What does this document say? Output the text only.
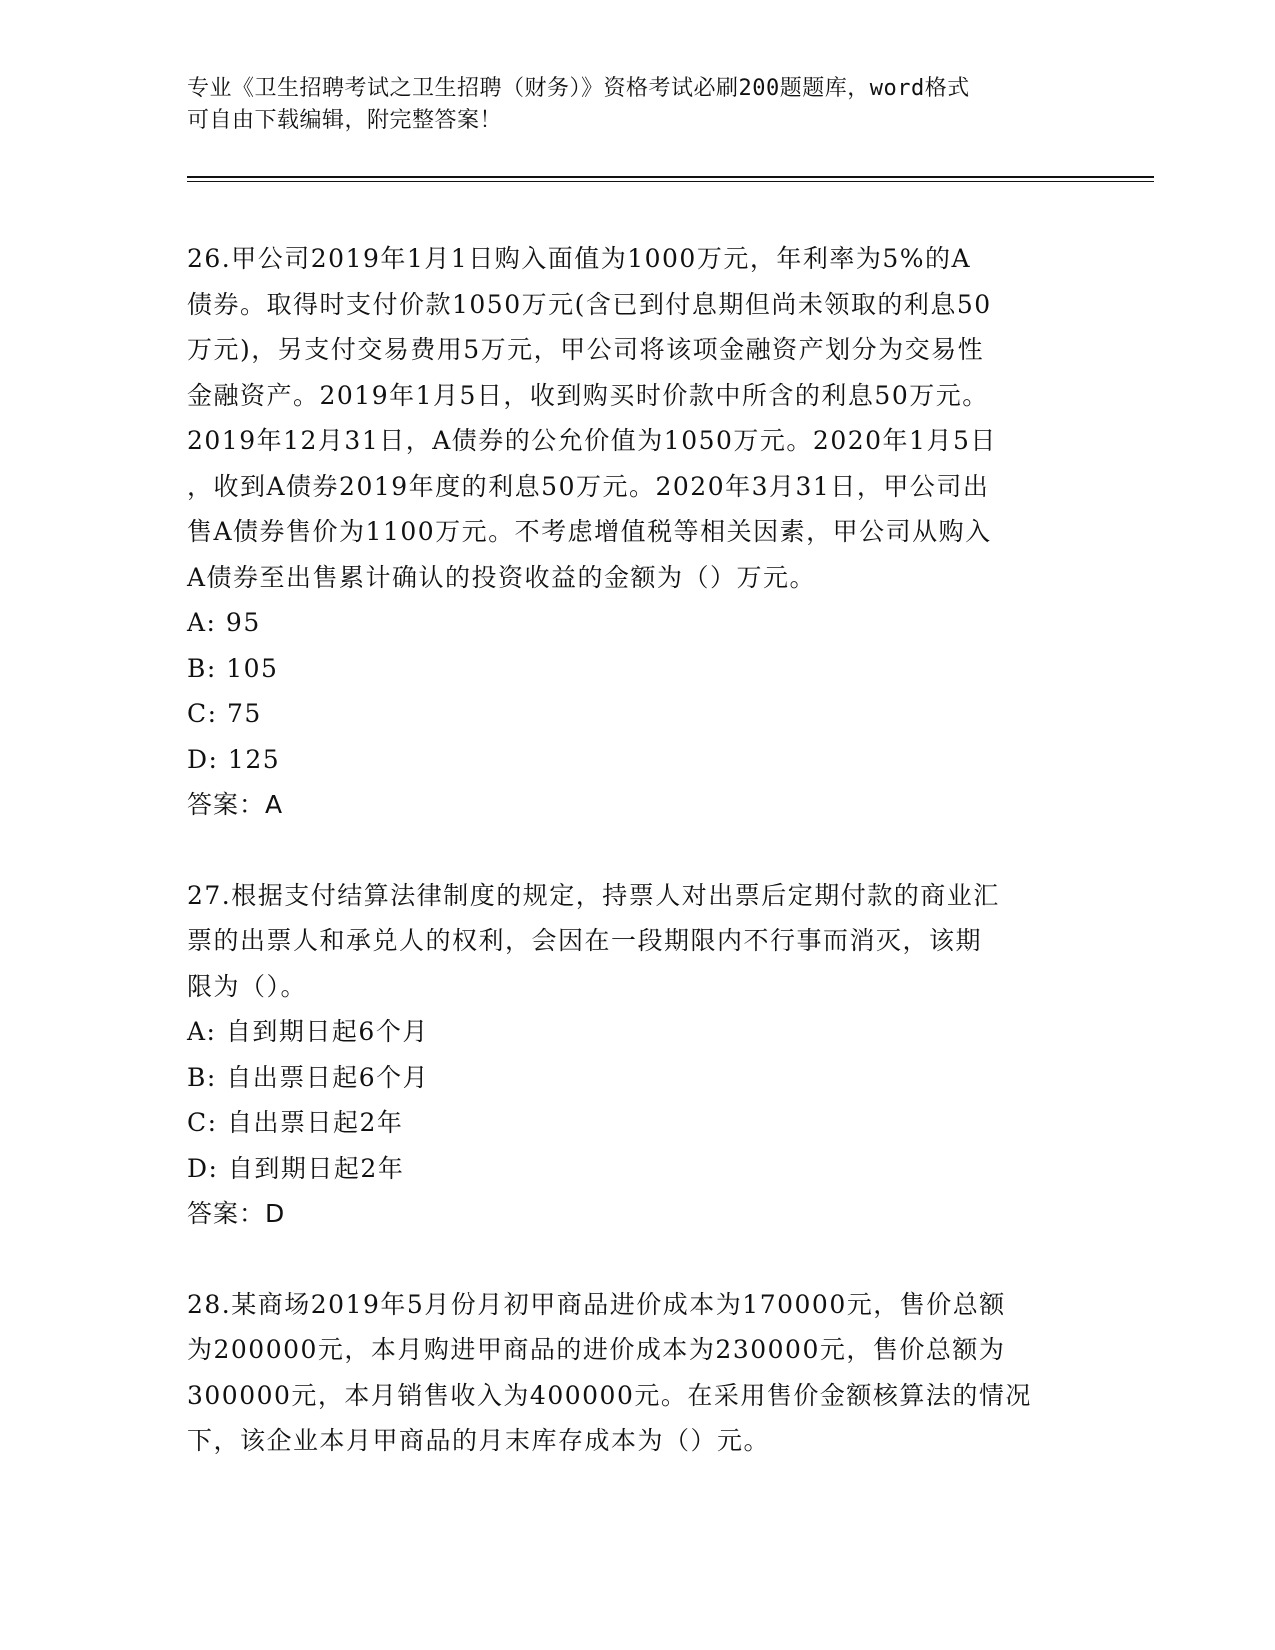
专业《卫生招聘考试之卫生招聘（财务）》资格考试必刷200题题库，word格式
可自由下载编辑，附完整答案！
26.甲公司2019年1月1日购入面值为1000万元，年利率为5%的A
债券。取得时支付价款1050万元(含已到付息期但尚未领取的利息50
万元)，另支付交易费用5万元，甲公司将该项金融资产划分为交易性
金融资产。2019年1月5日，收到购买时价款中所含的利息50万元。
2019年12月31日，A债券的公允价值为1050万元。2020年1月5日
，收到A债券2019年度的利息50万元。2020年3月31日，甲公司出
售A债券售价为1100万元。不考虑增值税等相关因素，甲公司从购入
A债券至出售累计确认的投资收益的金额为（）万元。
A: 95
B: 105
C: 75
D: 125
答案：A
27.根据支付结算法律制度的规定，持票人对出票后定期付款的商业汇
票的出票人和承兑人的权利，会因在一段期限内不行事而消灭，该期
限为（）。
A: 自到期日起6个月
B: 自出票日起6个月
C: 自出票日起2年
D: 自到期日起2年
答案：D
28.某商场2019年5月份月初甲商品进价成本为170000元，售价总额
为200000元，本月购进甲商品的进价成本为230000元，售价总额为
300000元，本月销售收入为400000元。在采用售价金额核算法的情况
下，该企业本月甲商品的月末库存成本为（）元。
